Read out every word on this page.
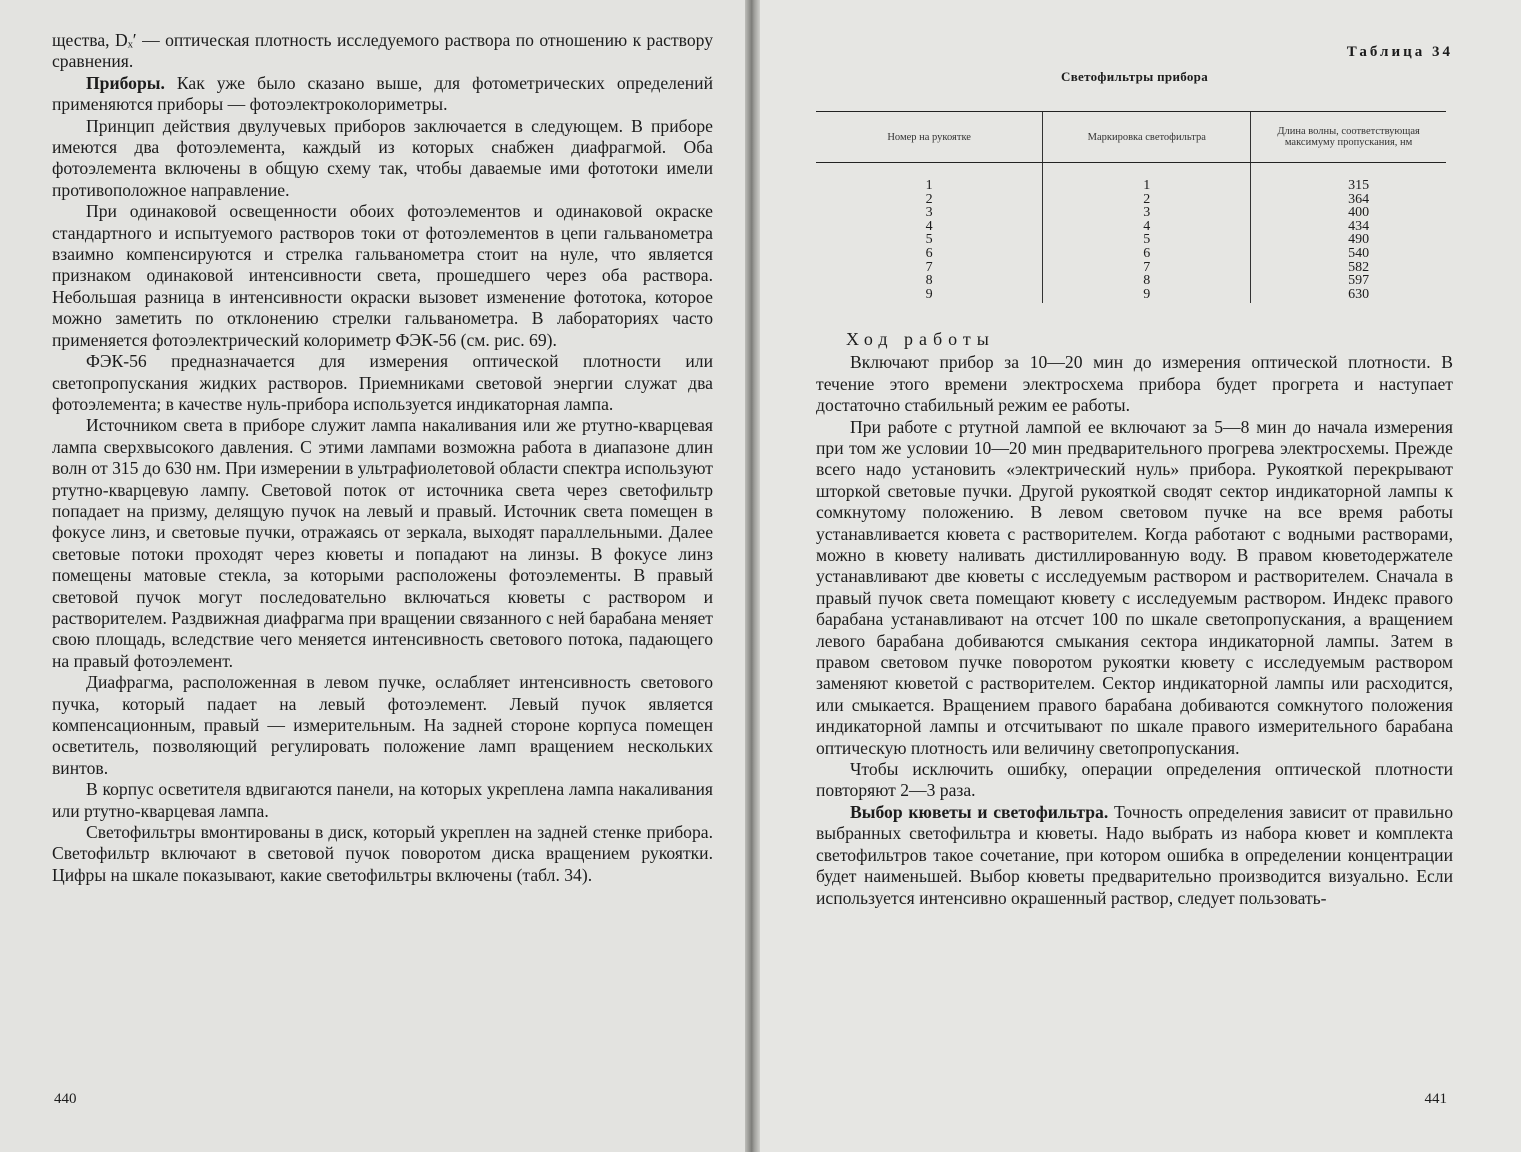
щества, Dₓ′ — оптическая плотность исследуемого раствора по отношению к раствору сравнения.

Приборы. Как уже было сказано выше, для фотометрических определений применяются приборы — фотоэлектроколориметры.

Принцип действия двулучевых приборов заключается в следующем. В приборе имеются два фотоэлемента, каждый из которых снабжен диафрагмой. Оба фотоэлемента включены в общую схему так, чтобы даваемые ими фототоки имели противоположное направление.

При одинаковой освещенности обоих фотоэлементов и одинаковой окраске стандартного и испытуемого растворов токи от фотоэлементов в цепи гальванометра взаимно компенсируются и стрелка гальванометра стоит на нуле, что является признаком одинаковой интенсивности света, прошедшего через оба раствора. Небольшая разница в интенсивности окраски вызовет изменение фототока, которое можно заметить по отклонению стрелки гальванометра. В лабораториях часто применяется фотоэлектрический колориметр ФЭК-56 (см. рис. 69).

ФЭК-56 предназначается для измерения оптической плотности или светопропускания жидких растворов. Приемниками световой энергии служат два фотоэлемента; в качестве нуль-прибора используется индикаторная лампа.

Источником света в приборе служит лампа накаливания или же ртутно-кварцевая лампа сверхвысокого давления. С этими лампами возможна работа в диапазоне длин волн от 315 до 630 нм. При измерении в ультрафиолетовой области спектра используют ртутно-кварцевую лампу. Световой поток от источника света через светофильтр попадает на призму, делящую пучок на левый и правый. Источник света помещен в фокусе линз, и световые пучки, отражаясь от зеркала, выходят параллельными. Далее световые потоки проходят через кюветы и попадают на линзы. В фокусе линз помещены матовые стекла, за которыми расположены фотоэлементы. В правый световой пучок могут последовательно включаться кюветы с раствором и растворителем. Раздвижная диафрагма при вращении связанного с ней барабана меняет свою площадь, вследствие чего меняется интенсивность светового потока, падающего на правый фотоэлемент.

Диафрагма, расположенная в левом пучке, ослабляет интенсивность светового пучка, который падает на левый фотоэлемент. Левый пучок является компенсационным, правый — измерительным. На задней стороне корпуса помещен осветитель, позволяющий регулировать положение ламп вращением нескольких винтов.

В корпус осветителя вдвигаются панели, на которых укреплена лампа накаливания или ртутно-кварцевая лампа.

Светофильтры вмонтированы в диск, который укреплен на задней стенке прибора. Светофильтр включают в световой пучок поворотом диска вращением рукоятки. Цифры на шкале показывают, какие светофильтры включены (табл. 34).

440
Таблица 34
Светофильтры прибора
Номер на рукоятке	Маркировка светофильтра	Длина волны, соответствующая максимуму пропускания, нм
1	1	315
2	2	364
3	3	400
4	4	434
5	5	490
6	6	540
7	7	582
8	8	597
9	9	630
Ход работы

Включают прибор за 10—20 мин до измерения оптической плотности. В течение этого времени электросхема прибора будет прогрета и наступает достаточно стабильный режим ее работы.

При работе с ртутной лампой ее включают за 5—8 мин до начала измерения при том же условии 10—20 мин предварительного прогрева электросхемы. Прежде всего надо установить «электрический нуль» прибора. Рукояткой перекрывают шторкой световые пучки. Другой рукояткой сводят сектор индикаторной лампы к сомкнутому положению. В левом световом пучке на все время работы устанавливается кювета с растворителем. Когда работают с водными растворами, можно в кювету наливать дистиллированную воду. В правом кюветодержателе устанавливают две кюветы с исследуемым раствором и растворителем. Сначала в правый пучок света помещают кювету с исследуемым раствором. Индекс правого барабана устанавливают на отсчет 100 по шкале светопропускания, а вращением левого барабана добиваются смыкания сектора индикаторной лампы. Затем в правом световом пучке поворотом рукоятки кювету с исследуемым раствором заменяют кюветой с растворителем. Сектор индикаторной лампы или расходится, или смыкается. Вращением правого барабана добиваются сомкнутого положения индикаторной лампы и отсчитывают по шкале правого измерительного барабана оптическую плотность или величину светопропускания.

Чтобы исключить ошибку, операции определения оптической плотности повторяют 2—3 раза.

Выбор кюветы и светофильтра. Точность определения зависит от правильно выбранных светофильтра и кюветы. Надо выбрать из набора кювет и комплекта светофильтров такое сочетание, при котором ошибка в определении концентрации будет наименьшей. Выбор кюветы предварительно производится визуально. Если используется интенсивно окрашенный раствор, следует пользовать-

441
